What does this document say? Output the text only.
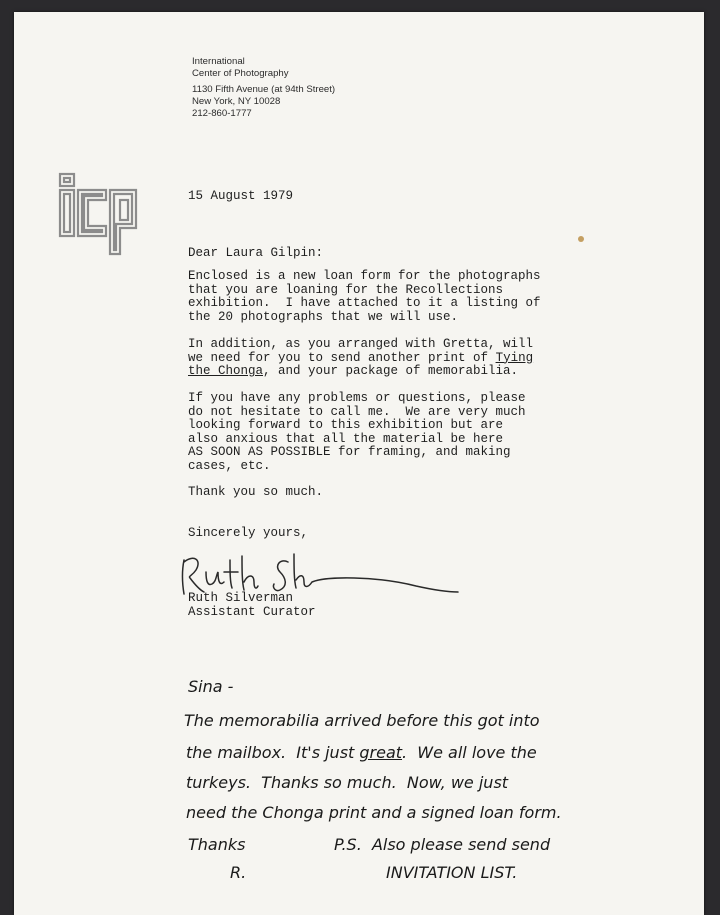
International
Center of Photography
1130 Fifth Avenue (at 94th Street)
New York, NY 10028
212-860-1777
15 August 1979
Dear Laura Gilpin:
Enclosed is a new loan form for the photographs
that you are loaning for the Recollections
exhibition.  I have attached to it a listing of
the 20 photographs that we will use.
In addition, as you arranged with Gretta, will
we need for you to send another print of Tying
the Chonga, and your package of memorabilia.
If you have any problems or questions, please
do not hesitate to call me.  We are very much
looking forward to this exhibition but are
also anxious that all the material be here
AS SOON AS POSSIBLE for framing, and making
cases, etc.
Thank you so much.
Sincerely yours,
Ruth Silverman
Assistant Curator
Sina -
The memorabilia arrived before this got into
the mailbox.  It's just great.  We all love the
turkeys.  Thanks so much.  Now, we just
need the Chonga print and a signed loan form.
Thanks
R.
P.S.  Also please send send
INVITATION LIST.
